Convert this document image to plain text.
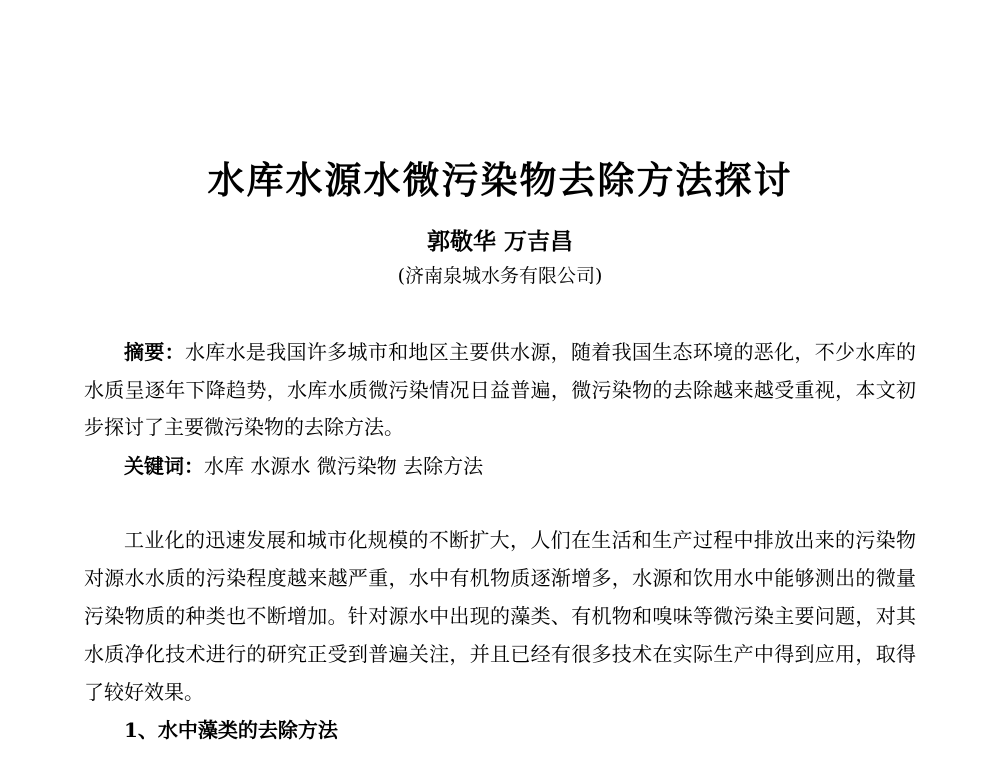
水库水源水微污染物去除方法探讨
郭敬华 万吉昌
(济南泉城水务有限公司)
摘要：水库水是我国许多城市和地区主要供水源，随着我国生态环境的恶化，不少水库的
水质呈逐年下降趋势，水库水质微污染情况日益普遍，微污染物的去除越来越受重视，本文初
步探讨了主要微污染物的去除方法。
关键词：水库 水源水 微污染物 去除方法
工业化的迅速发展和城市化规模的不断扩大，人们在生活和生产过程中排放出来的污染物
对源水水质的污染程度越来越严重，水中有机物质逐渐增多，水源和饮用水中能够测出的微量
污染物质的种类也不断增加。针对源水中出现的藻类、有机物和嗅味等微污染主要问题，对其
水质净化技术进行的研究正受到普遍关注，并且已经有很多技术在实际生产中得到应用，取得
了较好效果。
1、水中藻类的去除方法
